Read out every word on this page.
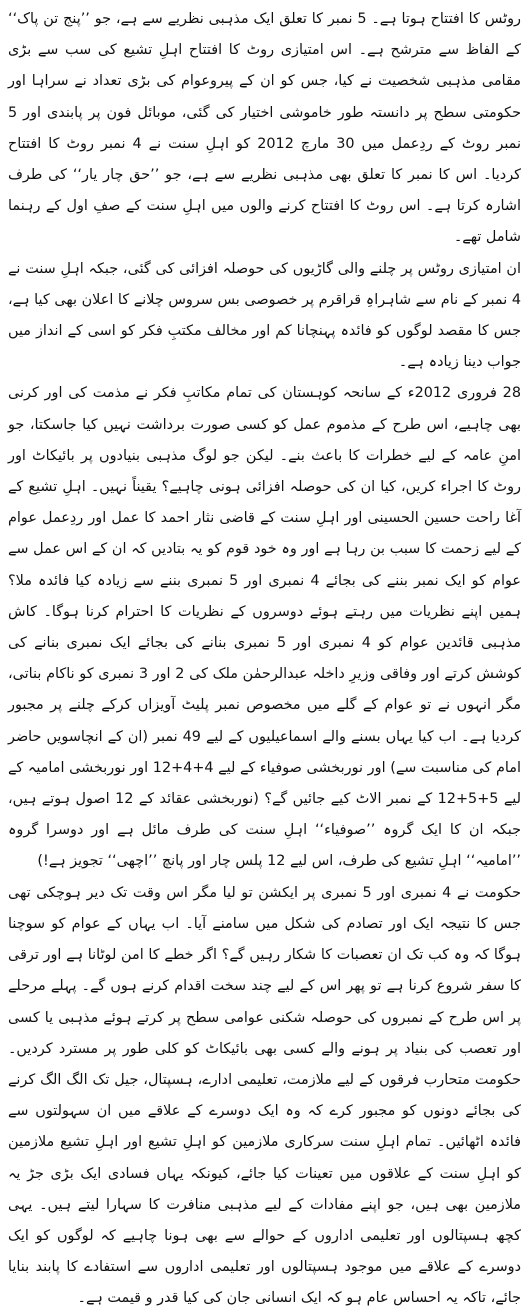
روٹس کا افتتاح ہوتا ہے۔ 5 نمبر کا تعلق ایک مذہبی نظریے سے ہے، جو ’’پنج تن پاک‘‘ کے الفاظ سے مترشح ہے۔ اس امتیازی روٹ کا افتتاح اہلِ تشیع کی سب سے بڑی مقامی مذہبی شخصیت نے کیا، جس کو ان کے پیروعوام کی بڑی تعداد نے سراہا اور حکومتی سطح پر دانستہ طور خاموشی اختیار کی گئی، موبائل فون پر پابندی اور 5 نمبر روٹ کے ردِعمل میں 30 مارچ 2012 کو اہلِ سنت نے 4 نمبر روٹ کا افتتاح کردیا۔ اس کا نمبر کا تعلق بھی مذہبی نظریے سے ہے، جو ’’حق چار یار‘‘ کی طرف اشارہ کرتا ہے۔ اس روٹ کا افتتاح کرنے والوں میں اہلِ سنت کے صفِ اول کے رہنما شامل تھے۔

ان امتیازی روٹس پر چلنے والی گاڑیوں کی حوصلہ افزائی کی گئی، جبکہ اہلِ سنت نے 4 نمبر کے نام سے شاہراہِ قراقرم پر خصوصی بس سروس چلانے کا اعلان بھی کیا ہے، جس کا مقصد لوگوں کو فائدہ پہنچانا کم اور مخالف مکتبِ فکر کو اسی کے انداز میں جواب دینا زیادہ ہے۔

28 فروری 2012ء کے سانحہ کوہستان کی تمام مکاتبِ فکر نے مذمت کی اور کرنی بھی چاہیے، اس طرح کے مذموم عمل کو کسی صورت برداشت نہیں کیا جاسکتا، جو امنِ عامہ کے لیے خطرات کا باعث بنے۔ لیکن جو لوگ مذہبی بنیادوں پر بائیکاٹ اور روٹ کا اجراء کریں، کیا ان کی حوصلہ افزائی ہونی چاہیے؟ یقیناً نہیں۔ اہلِ تشیع کے آغا راحت حسین الحسینی اور اہلِ سنت کے قاضی نثار احمد کا عمل اور ردِعمل عوام کے لیے زحمت کا سبب بن رہا ہے اور وہ خود قوم کو یہ بتادیں کہ ان کے اس عمل سے عوام کو ایک نمبر بننے کی بجائے 4 نمبری اور 5 نمبری بننے سے زیادہ کیا فائدہ ملا؟ ہمیں اپنے نظریات میں رہتے ہوئے دوسروں کے نظریات کا احترام کرنا ہوگا۔ کاش مذہبی قائدین عوام کو 4 نمبری اور 5 نمبری بنانے کی بجائے ایک نمبری بنانے کی کوشش کرتے اور وفاقی وزیرِ داخلہ عبدالرحمٰن ملک کی 2 اور 3 نمبری کو ناکام بناتی، مگر انہوں نے تو عوام کے گلے میں مخصوص نمبر پلیٹ آویزاں کرکے چلنے پر مجبور کردیا ہے۔ اب کیا یہاں بسنے والے اسماعیلیوں کے لیے 49 نمبر (ان کے انچاسویں حاضر امام کی مناسبت سے) اور نوربخشی صوفیاء کے لیے 4+4+12 اور نوربخشی امامیہ کے لیے 5+5+12 کے نمبر الاٹ کیے جائیں گے؟ (نوربخشی عقائد کے 12 اصول ہوتے ہیں، جبکہ ان کا ایک گروہ ’’صوفیاء‘‘ اہلِ سنت کی طرف مائل ہے اور دوسرا گروہ ’’امامیہ‘‘ اہلِ تشیع کی طرف، اس لیے 12 پلس چار اور پانچ ’’اچھی‘‘ تجویز ہے!)

حکومت نے 4 نمبری اور 5 نمبری پر ایکشن تو لیا مگر اس وقت تک دیر ہوچکی تھی جس کا نتیجہ ایک اور تصادم کی شکل میں سامنے آیا۔ اب یہاں کے عوام کو سوچنا ہوگا کہ وہ کب تک ان تعصبات کا شکار رہیں گے؟ اگر خطے کا امن لوٹانا ہے اور ترقی کا سفر شروع کرنا ہے تو پھر اس کے لیے چند سخت اقدام کرنے ہوں گے۔ پہلے مرحلے پر اس طرح کے نمبروں کی حوصلہ شکنی عوامی سطح پر کرتے ہوئے مذہبی یا کسی اور تعصب کی بنیاد پر ہونے والے کسی بھی بائیکاٹ کو کلی طور پر مسترد کردیں۔ حکومت متحارب فرقوں کے لیے ملازمت، تعلیمی ادارے، ہسپتال، جیل تک الگ الگ کرنے کی بجائے دونوں کو مجبور کرے کہ وہ ایک دوسرے کے علاقے میں ان سہولتوں سے فائدہ اٹھائیں۔ تمام اہلِ سنت سرکاری ملازمین کو اہلِ تشیع اور اہلِ تشیع ملازمین کو اہلِ سنت کے علاقوں میں تعینات کیا جائے، کیونکہ یہاں فسادی ایک بڑی جڑ یہ ملازمین بھی ہیں، جو اپنے مفادات کے لیے مذہبی منافرت کا سہارا لیتے ہیں۔ یہی کچھ ہسپتالوں اور تعلیمی اداروں کے حوالے سے بھی ہونا چاہیے کہ لوگوں کو ایک دوسرے کے علاقے میں موجود ہسپتالوں اور تعلیمی اداروں سے استفادے کا پابند بنایا جائے، تاکہ یہ احساس عام ہو کہ ایک انسانی جان کی کیا قدر و قیمت ہے۔
